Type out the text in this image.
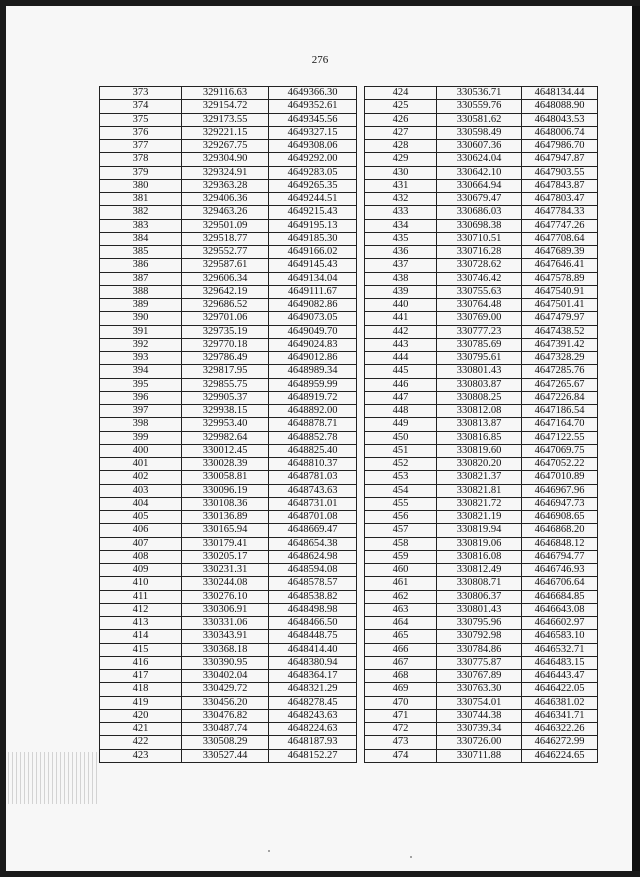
276
373	329116.63	4649366.30		424	330536.71	4648134.44
374	329154.72	4649352.61		425	330559.76	4648088.90
375	329173.55	4649345.56		426	330581.62	4648043.53
376	329221.15	4649327.15		427	330598.49	4648006.74
377	329267.75	4649308.06		428	330607.36	4647986.70
378	329304.90	4649292.00		429	330624.04	4647947.87
379	329324.91	4649283.05		430	330642.10	4647903.55
380	329363.28	4649265.35		431	330664.94	4647843.87
381	329406.36	4649244.51		432	330679.47	4647803.47
382	329463.26	4649215.43		433	330686.03	4647784.33
383	329501.09	4649195.13		434	330698.38	4647747.26
384	329518.77	4649185.30		435	330710.51	4647708.64
385	329552.77	4649166.02		436	330716.28	4647689.39
386	329587.61	4649145.43		437	330728.62	4647646.41
387	329606.34	4649134.04		438	330746.42	4647578.89
388	329642.19	4649111.67		439	330755.63	4647540.91
389	329686.52	4649082.86		440	330764.48	4647501.41
390	329701.06	4649073.05		441	330769.00	4647479.97
391	329735.19	4649049.70		442	330777.23	4647438.52
392	329770.18	4649024.83		443	330785.69	4647391.42
393	329786.49	4649012.86		444	330795.61	4647328.29
394	329817.95	4648989.34		445	330801.43	4647285.76
395	329855.75	4648959.99		446	330803.87	4647265.67
396	329905.37	4648919.72		447	330808.25	4647226.84
397	329938.15	4648892.00		448	330812.08	4647186.54
398	329953.40	4648878.71		449	330813.87	4647164.70
399	329982.64	4648852.78		450	330816.85	4647122.55
400	330012.45	4648825.40		451	330819.60	4647069.75
401	330028.39	4648810.37		452	330820.20	4647052.22
402	330058.81	4648781.03		453	330821.37	4647010.89
403	330096.19	4648743.63		454	330821.81	4646967.96
404	330108.36	4648731.01		455	330821.72	4646947.73
405	330136.89	4648701.08		456	330821.19	4646908.65
406	330165.94	4648669.47		457	330819.94	4646868.20
407	330179.41	4648654.38		458	330819.06	4646848.12
408	330205.17	4648624.98		459	330816.08	4646794.77
409	330231.31	4648594.08		460	330812.49	4646746.93
410	330244.08	4648578.57		461	330808.71	4646706.64
411	330276.10	4648538.82		462	330806.37	4646684.85
412	330306.91	4648498.98		463	330801.43	4646643.08
413	330331.06	4648466.50		464	330795.96	4646602.97
414	330343.91	4648448.75		465	330792.98	4646583.10
415	330368.18	4648414.40		466	330784.86	4646532.71
416	330390.95	4648380.94		467	330775.87	4646483.15
417	330402.04	4648364.17		468	330767.89	4646443.47
418	330429.72	4648321.29		469	330763.30	4646422.05
419	330456.20	4648278.45		470	330754.01	4646381.02
420	330476.82	4648243.63		471	330744.38	4646341.71
421	330487.74	4648224.63		472	330739.34	4646322.26
422	330508.29	4648187.93		473	330726.00	4646272.99
423	330527.44	4648152.27		474	330711.88	4646224.65
